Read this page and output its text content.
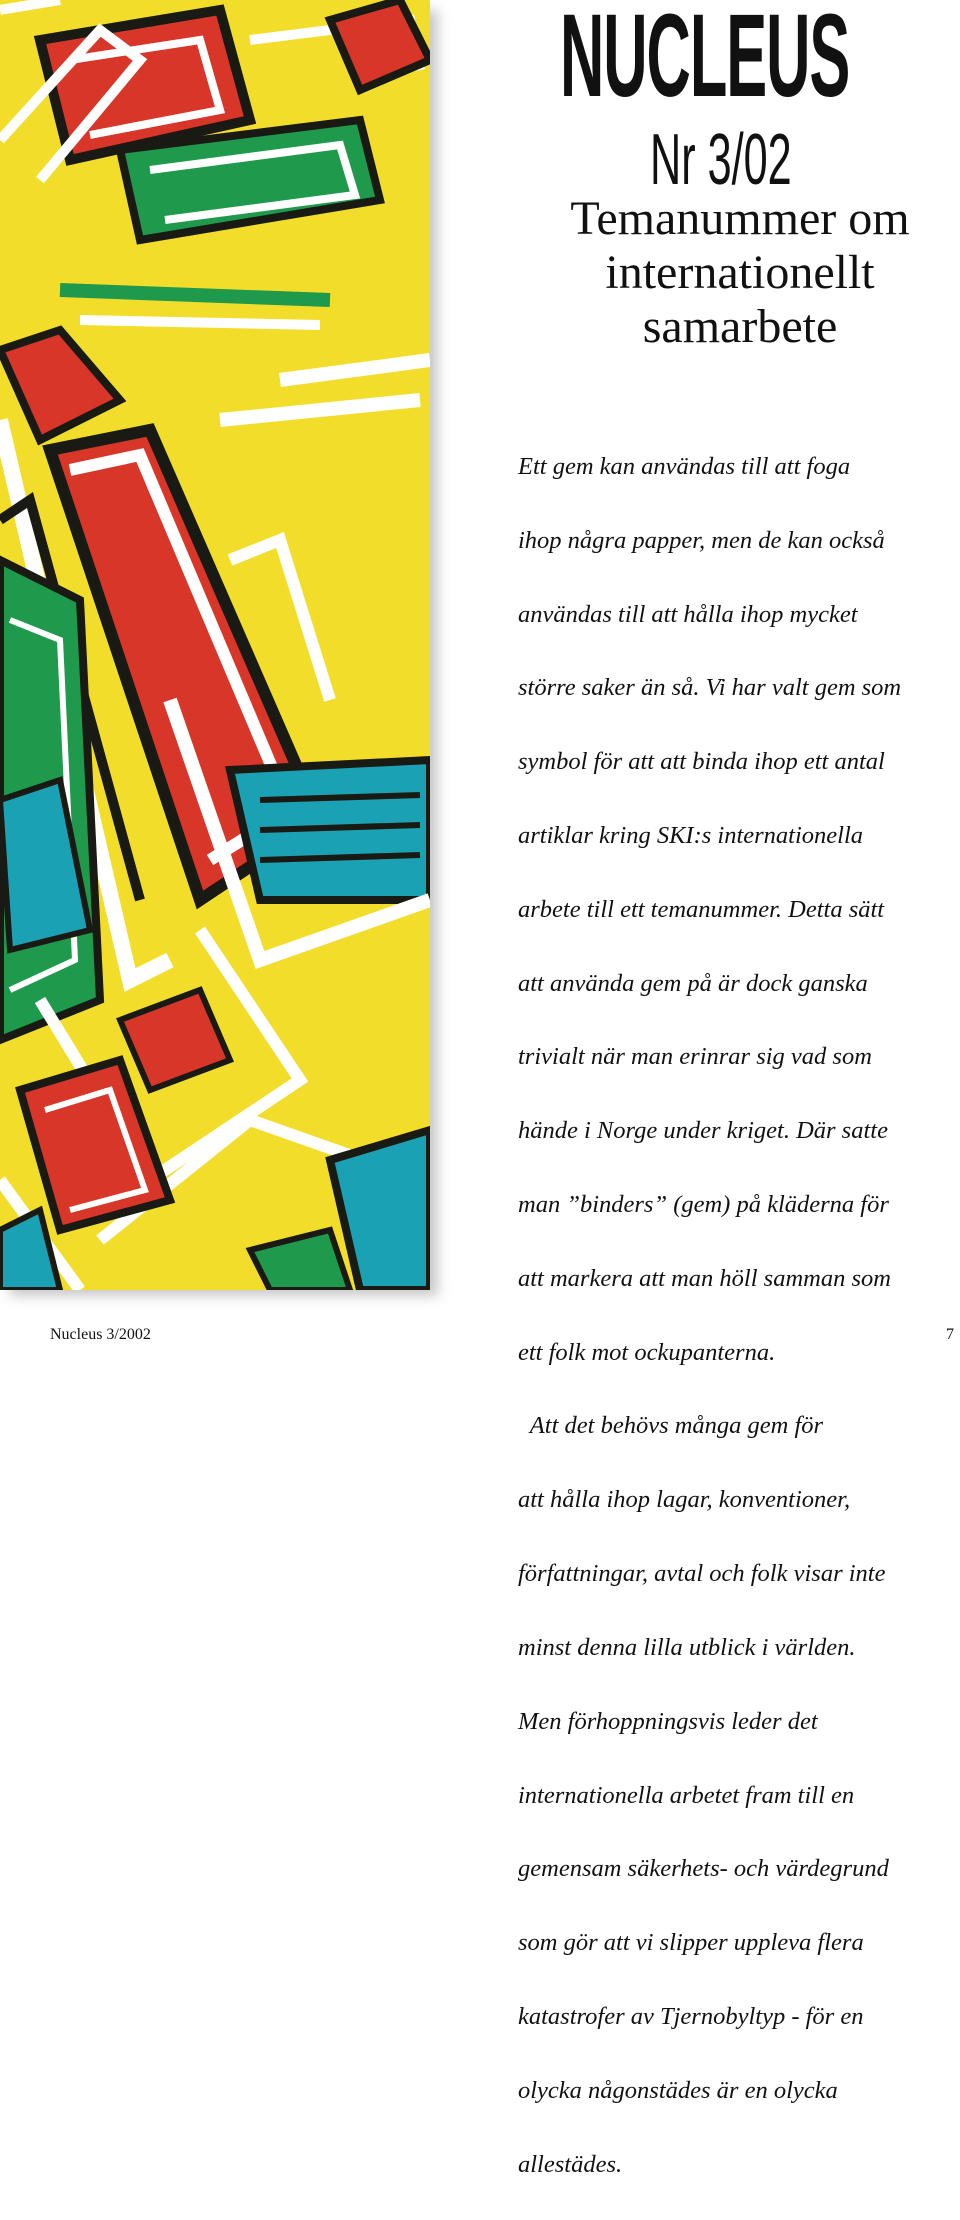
NUCLEUS
Nr 3/02
Temanummer om
internationellt
samarbete

Ett gem kan användas till att foga

ihop några papper, men de kan också

användas till att hålla ihop mycket

större saker än så. Vi har valt gem som

symbol för att att binda ihop ett antal

artiklar kring SKI:s internationella

arbete till ett temanummer. Detta sätt

att använda gem på är dock ganska

trivialt när man erinrar sig vad som

hände i Norge under kriget. Där satte

man ”binders” (gem) på kläderna för

att markera att man höll samman som

ett folk mot ockupanterna.

Att det behövs många gem för

att hålla ihop lagar, konventioner,

författningar, avtal och folk visar inte

minst denna lilla utblick i världen.

Men förhoppningsvis leder det

internationella arbetet fram till en

gemensam säkerhets- och värdegrund

som gör att vi slipper uppleva flera

katastrofer av Tjernobyltyp - för en

olycka någonstädes är en olycka

allestädes.

Nucleus 3/2002	7
